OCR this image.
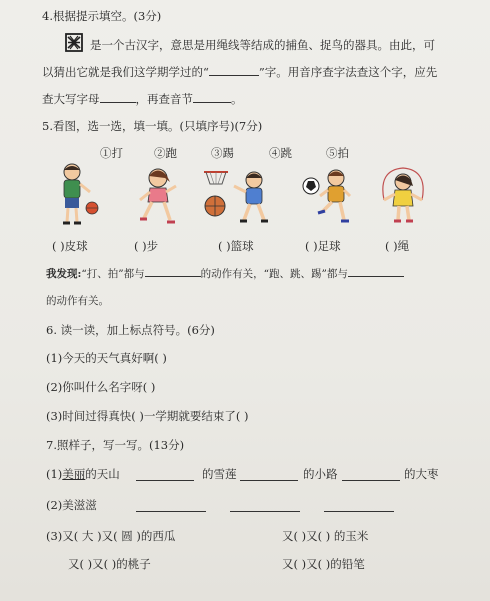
4.根据提示填空。(3分)
是一个古汉字，意思是用绳线等结成的捕鱼、捉鸟的器具。由此，可
以猜出它就是我们这学期学过的“	”字。用音序查字法查这个字，应先
查大写字母	，再查音节	。
5.看图，选一选，填一填。(只填序号)(7分)
①打	②跑	③踢	④跳	⑤拍
( )皮球	( )步	( )篮球	( )足球	( )绳
我发现:“打、拍”都与	的动作有关，“跑、跳、踢”都与
的动作有关。
6. 读一读，加上标点符号。(6分)
(1)今天的天气真好啊( )
(2)你叫什么名字呀( )
(3)时间过得真快( )一学期就要结束了( )
7.照样子，写一写。(13分)
(1)美丽的天山	的雪莲	的小路	的大枣
(2)美滋滋
(3)又( 大 )又( 圆 )的西瓜	又( )又( ) 的玉米
又( )又( )的桃子	又( )又( )的铅笔
